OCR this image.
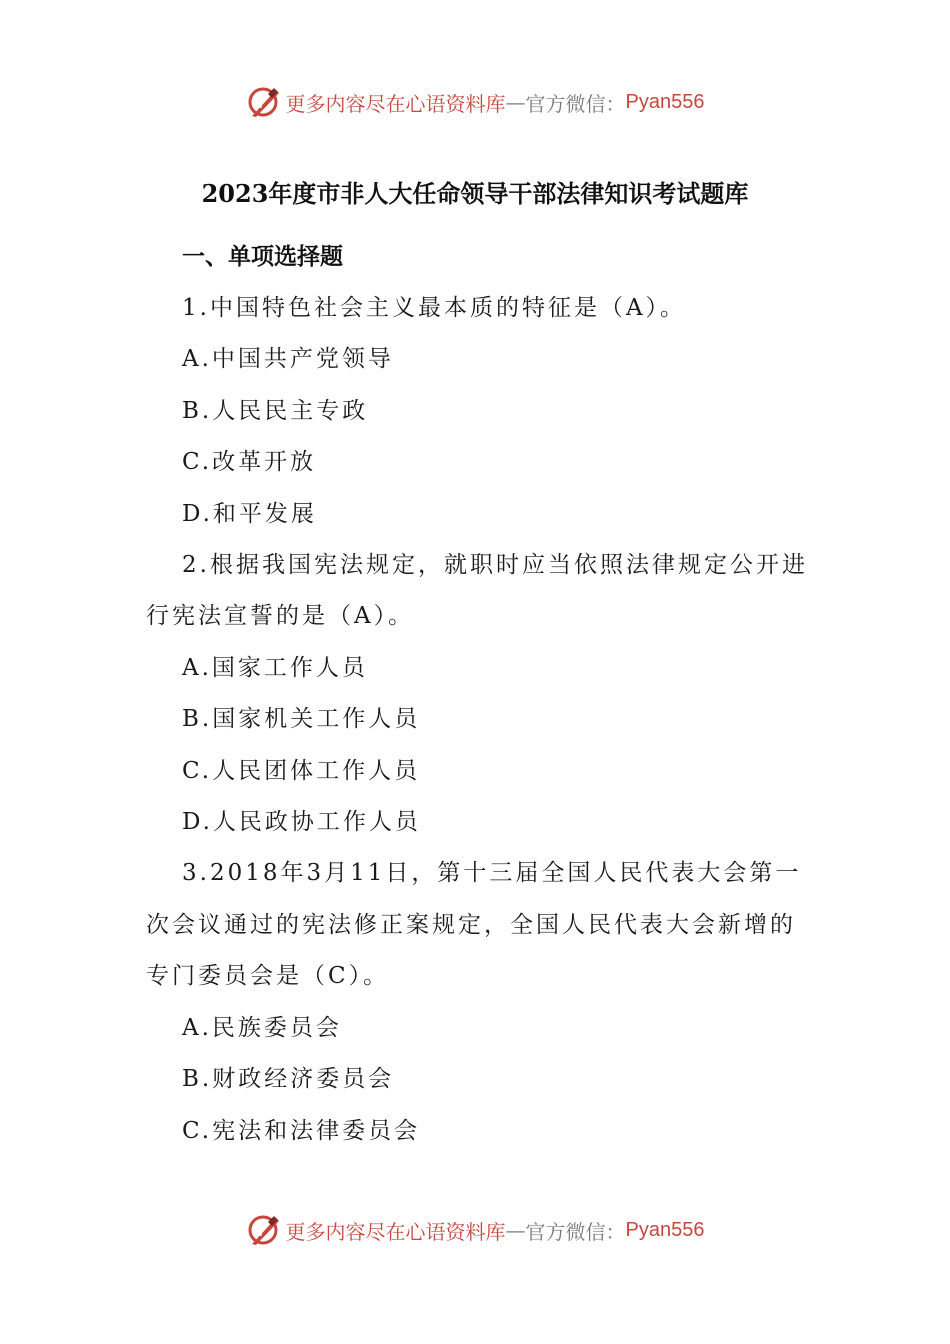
更多内容尽在心语资料库 — 官方微信： Pyan556
2023年度市非人大任命领导干部法律知识考试题库
一、单项选择题

1.中国特色社会主义最本质的特征是（A）。

A.中国共产党领导

B.人民民主专政

C.改革开放

D.和平发展

2.根据我国宪法规定，就职时应当依照法律规定公开进行宪法宣誓的是（A）。

A.国家工作人员

B.国家机关工作人员

C.人民团体工作人员

D.人民政协工作人员

3.2018年3月11日，第十三届全国人民代表大会第一次会议通过的宪法修正案规定，全国人民代表大会新增的专门委员会是（C）。

A.民族委员会

B.财政经济委员会

C.宪法和法律委员会

更多内容尽在心语资料库 — 官方微信： Pyan556
